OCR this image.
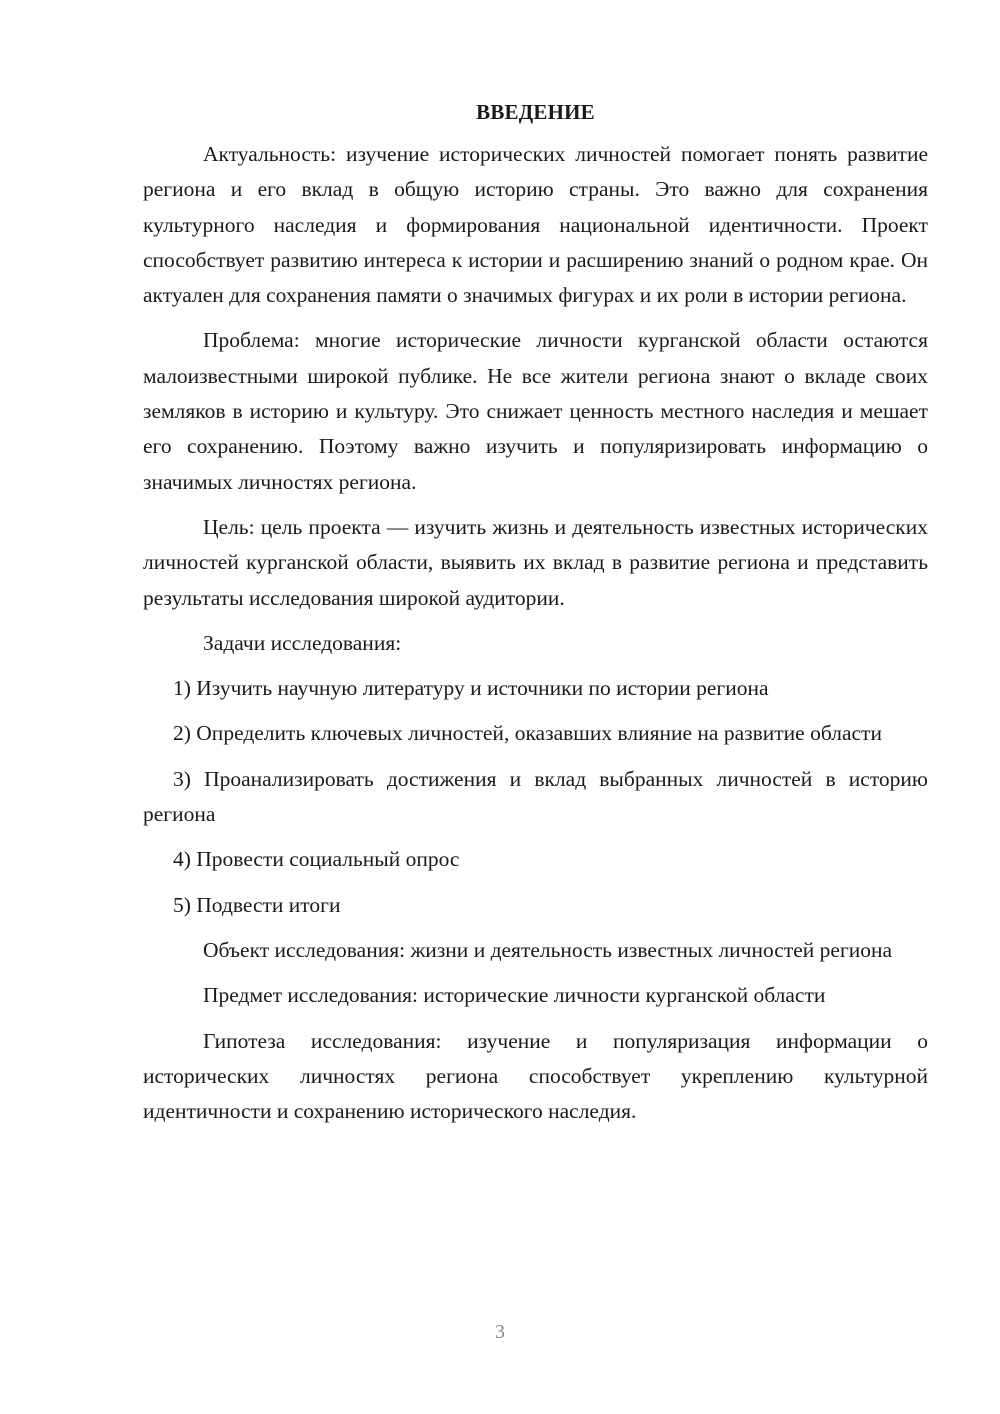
ВВЕДЕНИЕ

Актуальность: изучение исторических личностей помогает понять развитие региона и его вклад в общую историю страны. Это важно для сохранения культурного наследия и формирования национальной идентичности. Проект способствует развитию интереса к истории и расширению знаний о родном крае. Он актуален для сохранения памяти о значимых фигурах и их роли в истории региона.

Проблема: многие исторические личности курганской области остаются малоизвестными широкой публике. Не все жители региона знают о вкладе своих земляков в историю и культуру. Это снижает ценность местного наследия и мешает его сохранению. Поэтому важно изучить и популяризировать информацию о значимых личностях региона.

Цель: цель проекта — изучить жизнь и деятельность известных исторических личностей курганской области, выявить их вклад в развитие региона и представить результаты исследования широкой аудитории.

Задачи исследования:

1) Изучить научную литературу и источники по истории региона

2) Определить ключевых личностей, оказавших влияние на развитие области

3) Проанализировать достижения и вклад выбранных личностей в историю региона

4) Провести социальный опрос

5) Подвести итоги

Объект исследования: жизни и деятельность известных личностей региона

Предмет исследования: исторические личности курганской области

Гипотеза исследования: изучение и популяризация информации о исторических личностях региона способствует укреплению культурной идентичности и сохранению исторического наследия.

3
